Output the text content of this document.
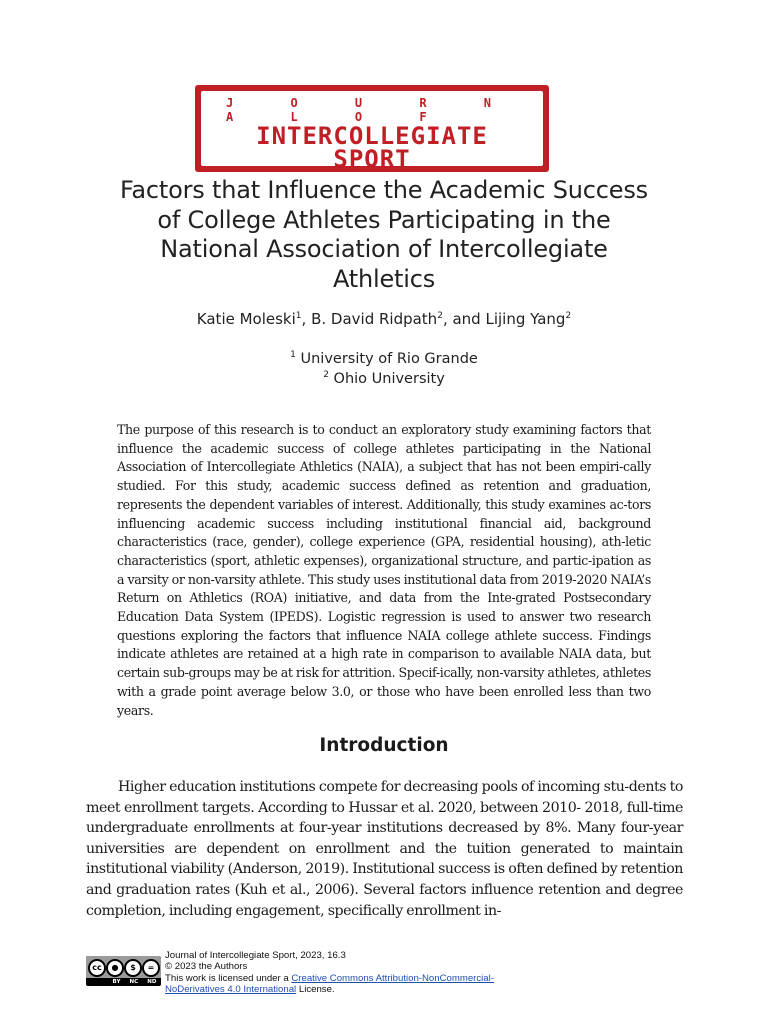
J O U R N A L O F
INTERCOLLEGIATE
SPORT
Factors that Influence the Academic Success
of College Athletes Participating in the
National Association of Intercollegiate
Athletics
Katie Moleski$^1$, B. David Ridpath$^2$, and Lijing Yang$^2$
$^1$ University of Rio Grande
$^2$ Ohio University
The purpose of this research is to conduct an exploratory study examining factors that influence the academic success of college athletes participating in the National Association of Intercollegiate Athletics (NAIA), a subject that has not been empiri-cally studied. For this study, academic success defined as retention and graduation, represents the dependent variables of interest. Additionally, this study examines ac-tors influencing academic success including institutional financial aid, background characteristics (race, gender), college experience (GPA, residential housing), ath-letic characteristics (sport, athletic expenses), organizational structure, and partic-ipation as a varsity or non-varsity athlete. This study uses institutional data from 2019-2020 NAIA’s Return on Athletics (ROA) initiative, and data from the Inte-grated Postsecondary Education Data System (IPEDS). Logistic regression is used to answer two research questions exploring the factors that influence NAIA college athlete success. Findings indicate athletes are retained at a high rate in comparison to available NAIA data, but certain sub-groups may be at risk for attrition. Specif-ically, non-varsity athletes, athletes with a grade point average below 3.0, or those who have been enrolled less than two years.
Introduction
Higher education institutions compete for decreasing pools of incoming stu-dents to meet enrollment targets. According to Hussar et al. 2020, between 2010- 2018, full-time undergraduate enrollments at four-year institutions decreased by 8%. Many four-year universities are dependent on enrollment and the tuition generated to maintain institutional viability (Anderson, 2019). Institutional success is often defined by retention and graduation rates (Kuh et al., 2006). Several factors influence retention and degree completion, including engagement, specifically enrollment in-
cc	●	$	=
BY NC ND
Journal of Intercollegiate Sport, 2023, 16.3
© 2023 the Authors
This work is licensed under a Creative Commons Attribution-NonCommercial-
NoDerivatives 4.0 International License.
